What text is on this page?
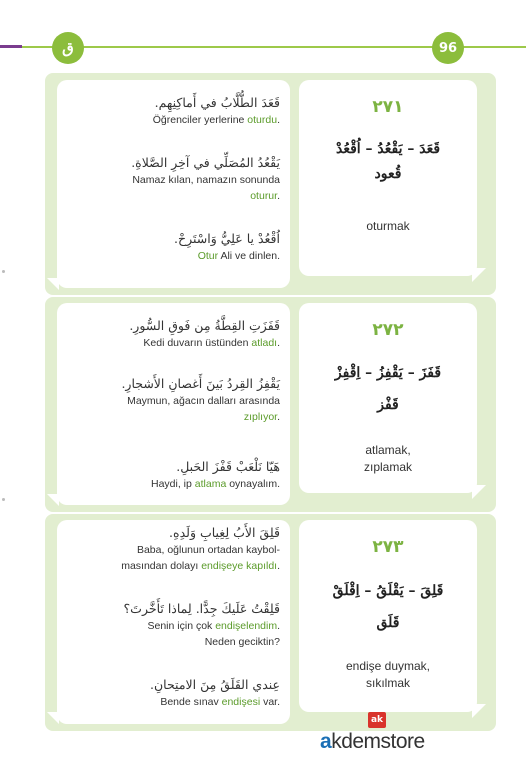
ق	96
٢٧١
قَعَدَ – يَقْعُدُ – اُقْعُدْ
قُعود
oturmak
قَعَدَ الطُّلَّابُ في أَماكِنِهِم.
Öğrenciler yerlerine oturdu.
يَقْعُدُ المُصَلِّي في آخِرِ الصَّلاةِ.
Namaz kılan, namazın sonunda
oturur.
اُقْعُدْ يا عَلِيُّ وَاسْتَرِحْ.
Otur Ali ve dinlen.
٢٧٢
قَفَزَ – يَقْفِزُ – اِقْفِزْ
قَفْز
atlamak,
zıplamak
قَفَزَتِ القِطَّةُ مِن فَوقِ السُّورِ.
Kedi duvarın üstünden atladı.
يَقْفِزُ القِردُ بَينَ أَغصانِ الأَشجارِ.
Maymun, ağacın dalları arasında
zıplıyor.
هَيّا نَلْعَبْ قَفْزَ الحَبلِ.
Haydi, ip atlama oynayalım.
٢٧٣
قَلِقَ – يَقْلَقُ – اِقْلَقْ
قَلَق
endişe duymak,
sıkılmak
قَلِقَ الأَبُ لِغِيابِ وَلَدِهِ.
Baba, oğlunun ortadan kaybol-
masından dolayı endişeye kapıldı.
قَلِقْتُ عَلَيكَ جِدًّا. لِماذا تَأَخَّرتَ؟
Senin için çok endişelendim.
Neden geciktin?
عِندي القَلَقُ مِنَ الامتِحانِ.
Bende sınav endişesi var.
ak
akdemstore
